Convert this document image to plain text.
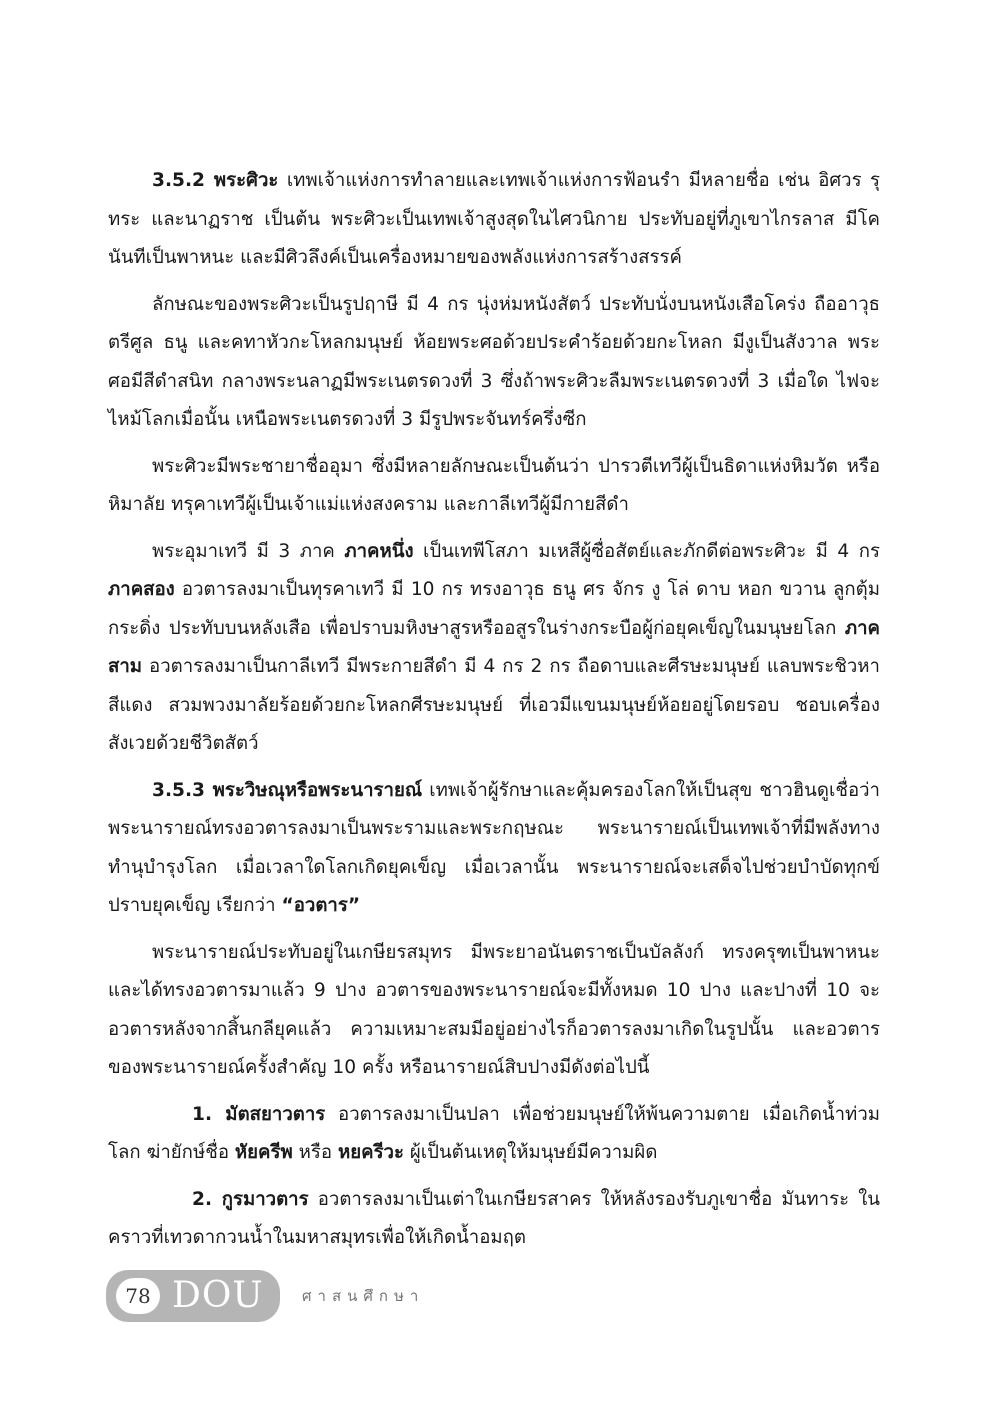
3.5.2 พระศิวะ เทพเจ้าแห่งการทำลายและเทพเจ้าแห่งการฟ้อนรำ มีหลายชื่อ เช่น อิศวร รุทระ และนาฏราช เป็นต้น พระศิวะเป็นเทพเจ้าสูงสุดในไศวนิกาย ประทับอยู่ที่ภูเขาไกรลาส มีโคนันทีเป็นพาหนะ และมีศิวลึงค์เป็นเครื่องหมายของพลังแห่งการสร้างสรรค์

ลักษณะของพระศิวะเป็นรูปฤาษี มี 4 กร นุ่งห่มหนังสัตว์ ประทับนั่งบนหนังเสือโคร่ง ถืออาวุธตรีศูล ธนู และคทาหัวกะโหลกมนุษย์ ห้อยพระศอด้วยประคำร้อยด้วยกะโหลก มีงูเป็นสังวาล พระศอมีสีดำสนิท กลางพระนลาฏมีพระเนตรดวงที่ 3 ซึ่งถ้าพระศิวะลืมพระเนตรดวงที่ 3 เมื่อใด ไฟจะไหม้โลกเมื่อนั้น เหนือพระเนตรดวงที่ 3 มีรูปพระจันทร์ครึ่งซีก

พระศิวะมีพระชายาชื่ออุมา ซึ่งมีหลายลักษณะเป็นต้นว่า ปารวตีเทวีผู้เป็นธิดาแห่งหิมวัต หรือหิมาลัย ทรุคาเทวีผู้เป็นเจ้าแม่แห่งสงคราม และกาลีเทวีผู้มีกายสีดำ

พระอุมาเทวี มี 3 ภาค ภาคหนึ่ง เป็นเทพีโสภา มเหสีผู้ซื่อสัตย์และภักดีต่อพระศิวะ มี 4 กร ภาคสอง อวตารลงมาเป็นทุรคาเทวี มี 10 กร ทรงอาวุธ ธนู ศร จักร งู โล่ ดาบ หอก ขวาน ลูกตุ้ม กระดิ่ง ประทับบนหลังเสือ เพื่อปราบมหิงษาสูรหรืออสูรในร่างกระบือผู้ก่อยุคเข็ญในมนุษยโลก ภาคสาม อวตารลงมาเป็นกาลีเทวี มีพระกายสีดำ มี 4 กร 2 กร ถือดาบและศีรษะมนุษย์ แลบพระชิวหาสีแดง สวมพวงมาลัยร้อยด้วยกะโหลกศีรษะมนุษย์ ที่เอวมีแขนมนุษย์ห้อยอยู่โดยรอบ ชอบเครื่องสังเวยด้วยชีวิตสัตว์

3.5.3 พระวิษณุหรือพระนารายณ์ เทพเจ้าผู้รักษาและคุ้มครองโลกให้เป็นสุข ชาวฮินดูเชื่อว่า พระนารายณ์ทรงอวตารลงมาเป็นพระรามและพระกฤษณะ พระนารายณ์เป็นเทพเจ้าที่มีพลังทางทำนุบำรุงโลก เมื่อเวลาใดโลกเกิดยุคเข็ญ เมื่อเวลานั้น พระนารายณ์จะเสด็จไปช่วยบำบัดทุกข์ ปราบยุคเข็ญ เรียกว่า “อวตาร”

พระนารายณ์ประทับอยู่ในเกษียรสมุทร มีพระยาอนันตราชเป็นบัลลังก์ ทรงครุฑเป็นพาหนะ และได้ทรงอวตารมาแล้ว 9 ปาง อวตารของพระนารายณ์จะมีทั้งหมด 10 ปาง และปางที่ 10 จะอวตารหลังจากสิ้นกลียุคแล้ว ความเหมาะสมมีอยู่อย่างไรก็อวตารลงมาเกิดในรูปนั้น และอวตารของพระนารายณ์ครั้งสำคัญ 10 ครั้ง หรือนารายณ์สิบปางมีดังต่อไปนี้

1. มัตสยาวตาร อวตารลงมาเป็นปลา เพื่อช่วยมนุษย์ให้พ้นความตาย เมื่อเกิดน้ำท่วมโลก ฆ่ายักษ์ชื่อ หัยครีพ หรือ หยครีวะ ผู้เป็นต้นเหตุให้มนุษย์มีความผิด

2. กูรมาวตาร อวตารลงมาเป็นเต่าในเกษียรสาคร ให้หลังรองรับภูเขาชื่อ มันทาระ ในคราวที่เทวดากวนน้ำในมหาสมุทรเพื่อให้เกิดน้ำอมฤต

78 DOU	ศาสนศึกษา
